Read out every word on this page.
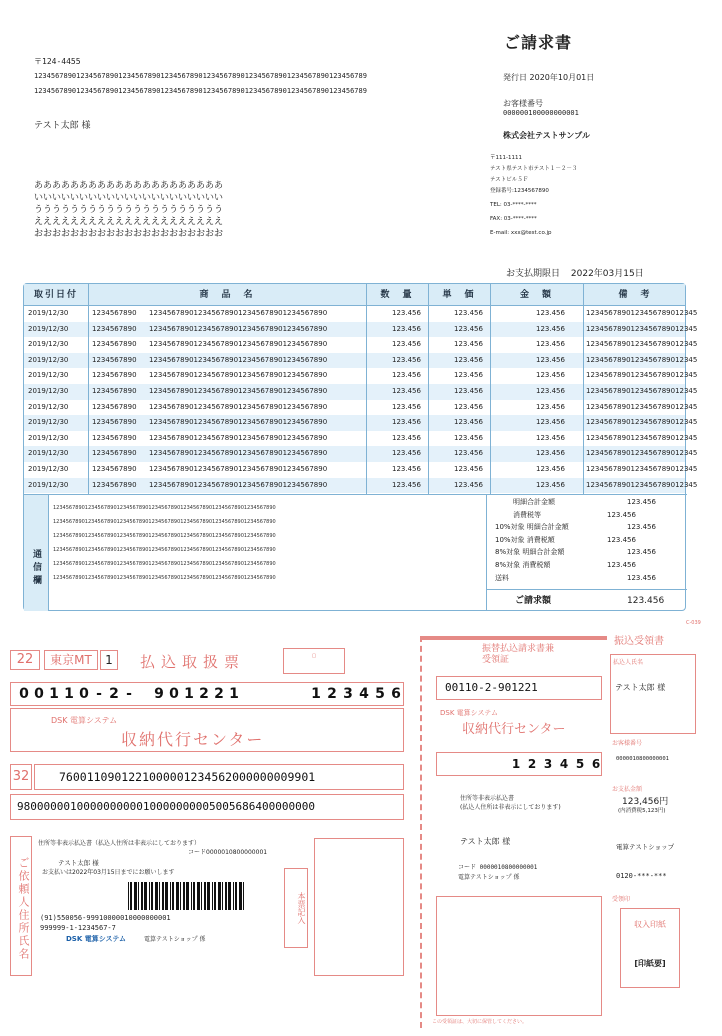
ご請求書
〒124-4455
1234567890123456789012345678901234567890123456789012345678901234567890123456789
1234567890123456789012345678901234567890123456789012345678901234567890123456789
テスト太郎 様
発行日 2020年10月01日
お客様番号
000000100000000001
株式会社テストサンプル
〒111-1111
テスト県テスト市テスト１－２－３
テストビル５Ｆ
登録番号:1234567890
TEL: 03-****-****
FAX: 03-****-****
E-mail: xxx@test.co.jp
あああああああああああああああああああああ
いいいいいいいいいいいいいいいいいいいいい
ううううううううううううううううううううう
えええええええええええええええええええええ
おおおおおおおおおおおおおおおおおおおおお
お支払期限日 2022年03月15日
取引日付	商　品　名	数　量	単　価	金　額	備　考
2019/12/30	1234567890 1234567890123456789012345678901234567890	123.456	123.456	123.456	1234567890123456789012345
2019/12/30	1234567890 1234567890123456789012345678901234567890	123.456	123.456	123.456	1234567890123456789012345
2019/12/30	1234567890 1234567890123456789012345678901234567890	123.456	123.456	123.456	1234567890123456789012345
2019/12/30	1234567890 1234567890123456789012345678901234567890	123.456	123.456	123.456	1234567890123456789012345
2019/12/30	1234567890 1234567890123456789012345678901234567890	123.456	123.456	123.456	1234567890123456789012345
2019/12/30	1234567890 1234567890123456789012345678901234567890	123.456	123.456	123.456	1234567890123456789012345
2019/12/30	1234567890 1234567890123456789012345678901234567890	123.456	123.456	123.456	1234567890123456789012345
2019/12/30	1234567890 1234567890123456789012345678901234567890	123.456	123.456	123.456	1234567890123456789012345
2019/12/30	1234567890 1234567890123456789012345678901234567890	123.456	123.456	123.456	1234567890123456789012345
2019/12/30	1234567890 1234567890123456789012345678901234567890	123.456	123.456	123.456	1234567890123456789012345
2019/12/30	1234567890 1234567890123456789012345678901234567890	123.456	123.456	123.456	1234567890123456789012345
2019/12/30	1234567890 1234567890123456789012345678901234567890	123.456	123.456	123.456	1234567890123456789012345
通信欄
1234567890123456789012345678901234567890123456789012345678901234567890
1234567890123456789012345678901234567890123456789012345678901234567890
1234567890123456789012345678901234567890123456789012345678901234567890
1234567890123456789012345678901234567890123456789012345678901234567890
1234567890123456789012345678901234567890123456789012345678901234567890
1234567890123456789012345678901234567890123456789012345678901234567890
明細合計金額	123.456
消費税等	123.456
10%対象 明細合計金額	123.456
10%対象 消費税額	123.456
8%対象 明細合計金額	123.456
8%対象 消費税額	123.456
送料	123.456
ご請求額	123.456
22	東京MT	1	払込取扱票	▢
0 0 1 1 0 - 2 -	9 0 1 2 2 1	1 2 3 4 5 6
DSK 電算システム
収納代行センター
32	7600110901221000001234562000000009901
980000001000000000010000000005005686400000000
ご依頼人住所氏名
住所等非表示払込書（払込人住所は非表示にしております）
コード0000010800000001
テスト太郎 様
お支払いは2022年03月15日までにお願いします
(91)550056-99910000010000000001
999999-1-1234567-7
DSK 電算システム	電算テストショップ 係
本票記入
振替払込請求書兼受領証
00110-2-901221
DSK 電算システム
収納代行センター
1 2 3 4 5 6
住所等非表示払込書
(払込人住所は非表示にしております)
テスト太郎 様
コード 0000010800000001
電算テストショップ 係
この受領証は、大切に保管してください。
C-039
振込受領書
払込人氏名
テスト太郎 様
お客様番号
0000010800000001
お支払金額
123,456円
(内消費税5,123円)
電算テストショップ
0120-***-***
受領印
収入印紙
[印紙要]
